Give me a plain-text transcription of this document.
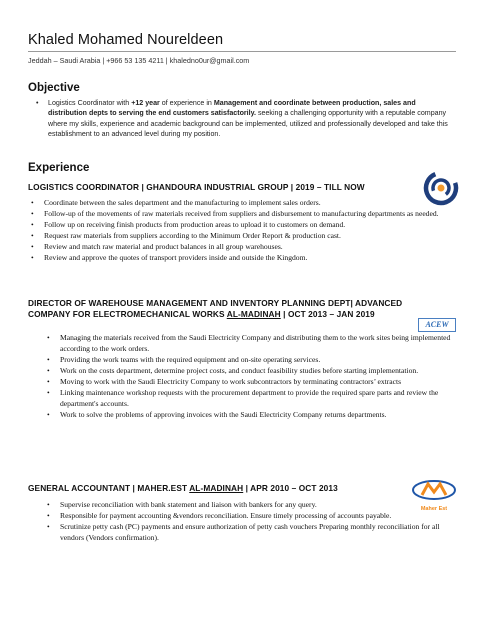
Khaled Mohamed Noureldeen
Jeddah – Saudi Arabia | +966 53 135 4211 | khaledno0ur@gmail.com
Objective
• Logistics Coordinator with +12 year of experience in Management and coordinate between production, sales and distribution depts to serving the end customers satisfactorily. seeking a challenging opportunity with a reputable company where my skills, experience and academic background can be implemented, utilized and professionally developed and take this establishment to an advanced level during my position.
Experience
LOGISTICS COORDINATOR | GHANDOURA INDUSTRIAL GROUP | 2019 – TILL NOW
• Coordinate between the sales department and the manufacturing to implement sales orders.
• Follow-up of the movements of raw materials received from suppliers and disbursement to manufacturing departments as needed.
• Follow up on receiving finish products from production areas to upload it to customers on demand.
• Request raw materials from suppliers according to the Minimum Order Report & production cast.
• Review and match raw material and product balances in all group warehouses.
• Review and approve the quotes of transport providers inside and outside the Kingdom.
DIRECTOR OF WAREHOUSE MANAGEMENT AND INVENTORY PLANNING DEPT| ADVANCED
COMPANY FOR ELECTROMECHANICAL WORKS AL-MADINAH | OCT 2013 – JAN 2019
ACEW
• Managing the materials received from the Saudi Electricity Company and distributing them to the work sites being implemented according to the work orders.
• Providing the work teams with the required equipment and on-site operating services.
• Work on the costs department, determine project costs, and conduct feasibility studies before starting implementation.
• Moving to work with the Saudi Electricity Company to work subcontractors by terminating contractors’ extracts
• Linking maintenance workshop requests with the procurement department to provide the required spare parts and review the department's accounts.
• Work to solve the problems of approving invoices with the Saudi Electricity Company returns departments.
GENERAL ACCOUNTANT | MAHER.EST AL-MADINAH | APR 2010 – OCT 2013
Maher Est
• Supervise reconciliation with bank statement and liaison with bankers for any query.
• Responsible for payment accounting &vendors reconciliation. Ensure timely processing of accounts payable.
• Scrutinize petty cash (PC) payments and ensure authorization of petty cash vouchers Preparing monthly reconciliation for all vendors (Vendors confirmation).
